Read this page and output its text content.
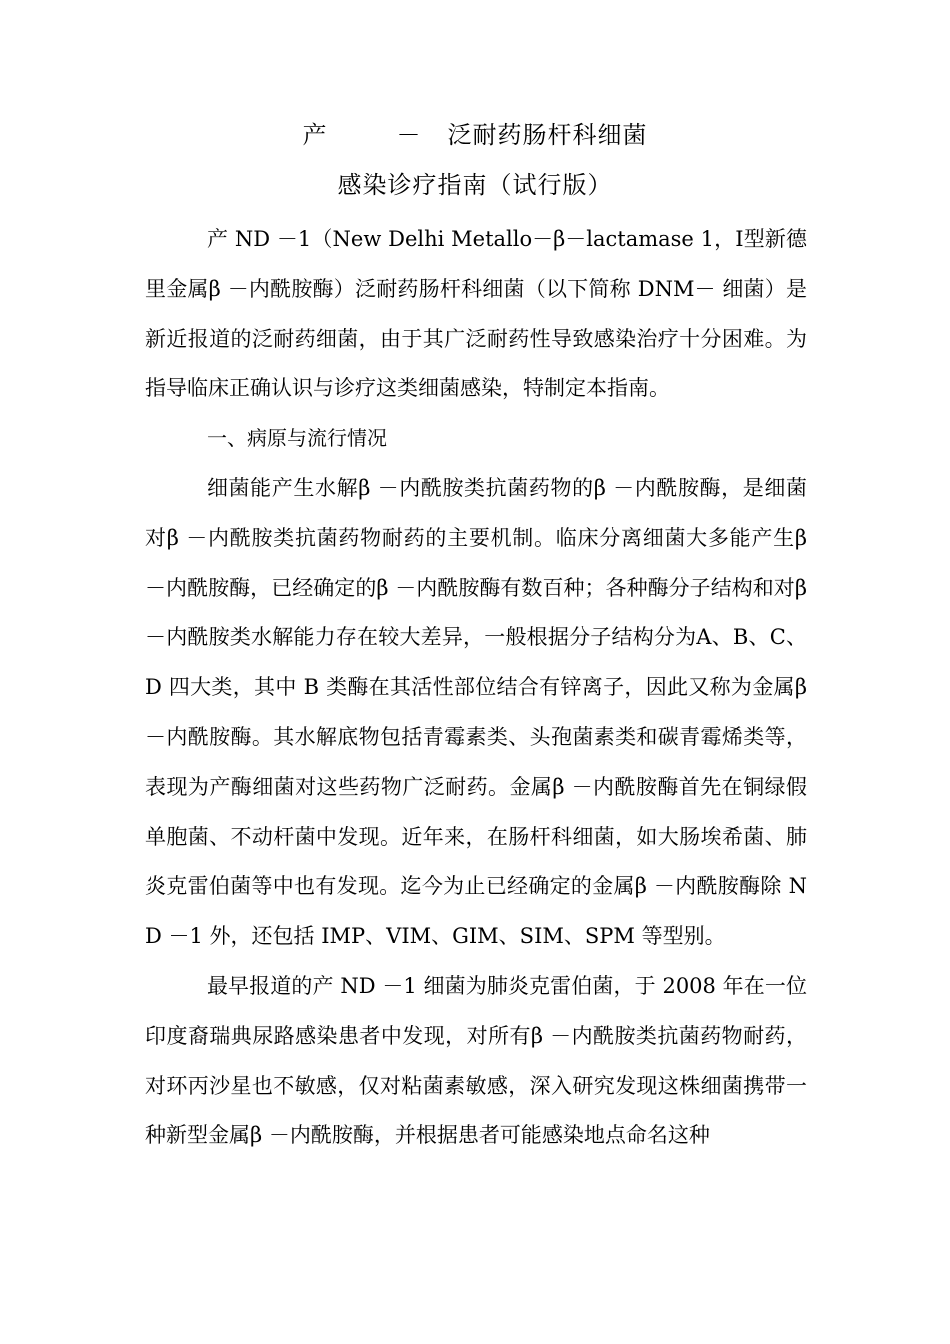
产        －   泛耐药肠杆科细菌
感染诊疗指南（试行版）

产 ND －1（New Delhi Metallo－β－lactamase 1，Ⅰ型新德里金属β －内酰胺酶）泛耐药肠杆科细菌（以下简称 DNM－ 细菌）是新近报道的泛耐药细菌，由于其广泛耐药性导致感染治疗十分困难。为指导临床正确认识与诊疗这类细菌感染，特制定本指南。

一、病原与流行情况

细菌能产生水解β －内酰胺类抗菌药物的β －内酰胺酶，是细菌对β －内酰胺类抗菌药物耐药的主要机制。临床分离细菌大多能产生β －内酰胺酶，已经确定的β －内酰胺酶有数百种；各种酶分子结构和对β －内酰胺类水解能力存在较大差异，一般根据分子结构分为A、B、C、D 四大类，其中 B 类酶在其活性部位结合有锌离子，因此又称为金属β －内酰胺酶。其水解底物包括青霉素类、头孢菌素类和碳青霉烯类等，表现为产酶细菌对这些药物广泛耐药。金属β －内酰胺酶首先在铜绿假单胞菌、不动杆菌中发现。近年来，在肠杆科细菌，如大肠埃希菌、肺炎克雷伯菌等中也有发现。迄今为止已经确定的金属β －内酰胺酶除 ND －1 外，还包括 IMP、VIM、GIM、SIM、SPM 等型别。

最早报道的产 ND －1 细菌为肺炎克雷伯菌，于 2008 年在一位印度裔瑞典尿路感染患者中发现，对所有β －内酰胺类抗菌药物耐药，对环丙沙星也不敏感，仅对粘菌素敏感，深入研究发现这株细菌携带一种新型金属β －内酰胺酶，并根据患者可能感染地点命名这种
